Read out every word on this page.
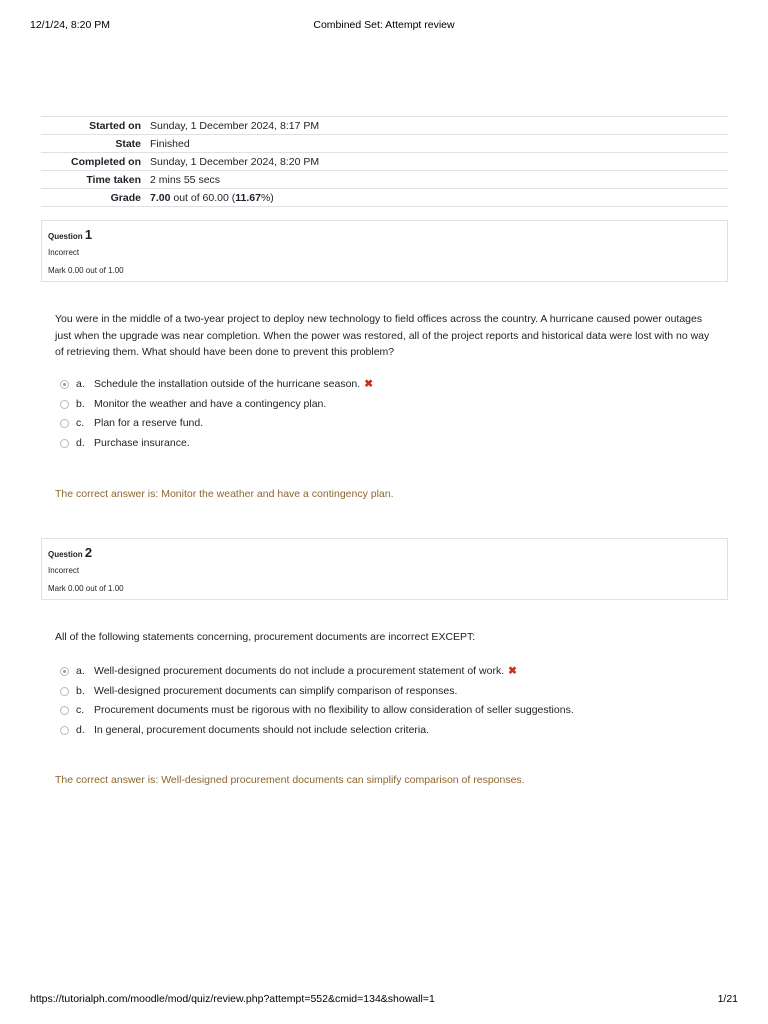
12/1/24, 8:20 PM	Combined Set: Attempt review
Started on	Sunday, 1 December 2024, 8:17 PM
State	Finished
Completed on	Sunday, 1 December 2024, 8:20 PM
Time taken	2 mins 55 secs
Grade	7.00 out of 60.00 (11.67%)
Question 1
Incorrect
Mark 0.00 out of 1.00
You were in the middle of a two-year project to deploy new technology to field offices across the country. A hurricane caused power outages just when the upgrade was near completion. When the power was restored, all of the project reports and historical data were lost with no way of retrieving them. What should have been done to prevent this problem?
a. Schedule the installation outside of the hurricane season. ✖
b. Monitor the weather and have a contingency plan.
c. Plan for a reserve fund.
d. Purchase insurance.
The correct answer is: Monitor the weather and have a contingency plan.
Question 2
Incorrect
Mark 0.00 out of 1.00
All of the following statements concerning, procurement documents are incorrect EXCEPT:
a. Well-designed procurement documents do not include a procurement statement of work. ✖
b. Well-designed procurement documents can simplify comparison of responses.
c. Procurement documents must be rigorous with no flexibility to allow consideration of seller suggestions.
d. In general, procurement documents should not include selection criteria.
The correct answer is: Well-designed procurement documents can simplify comparison of responses.
https://tutorialph.com/moodle/mod/quiz/review.php?attempt=552&cmid=134&showall=1	1/21
